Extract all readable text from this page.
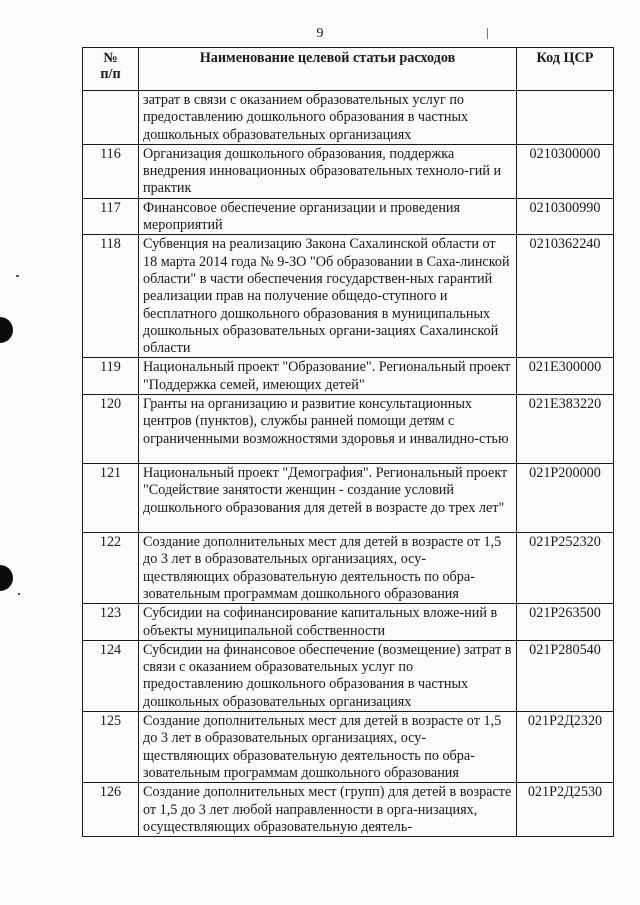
9
№
п/п	Наименование целевой статьи расходов	Код ЦСР
	затрат в связи с оказанием образовательных услуг по предоставлению дошкольного образования в частных дошкольных образовательных организациях	
116	Организация дошкольного образования, поддержка внедрения инновационных образовательных техноло-гий и практик	0210300000
117	Финансовое обеспечение организации и проведения мероприятий	0210300990
118	Субвенция на реализацию Закона Сахалинской области от 18 марта 2014 года № 9-ЗО "Об образовании в Саха-линской области" в части обеспечения государствен-ных гарантий реализации прав на получение общедо-ступного и бесплатного дошкольного образования в муниципальных дошкольных образовательных органи-зациях Сахалинской области	0210362240
119	Национальный проект "Образование". Региональный проект "Поддержка семей, имеющих детей"	021E300000
120	Гранты на организацию и развитие консультационных центров (пунктов), службы ранней помощи детям с ограниченными возможностями здоровья и инвалидно-стью	021E383220
121	Национальный проект "Демография". Региональный проект "Содействие занятости женщин - создание условий дошкольного образования для детей в возрасте до трех лет"	021P200000
122	Создание дополнительных мест для детей в возрасте от 1,5 до 3 лет в образовательных организациях, осу-ществляющих образовательную деятельность по обра-зовательным программам дошкольного образования	021P252320
123	Субсидии на софинансирование капитальных вложе-ний в объекты муниципальной собственности	021P263500
124	Субсидии на финансовое обеспечение (возмещение) затрат в связи с оказанием образовательных услуг по предоставлению дошкольного образования в частных дошкольных образовательных организациях	021P280540
125	Создание дополнительных мест для детей в возрасте от 1,5 до 3 лет в образовательных организациях, осу-ществляющих образовательную деятельность по обра-зовательным программам дошкольного образования	021P2Д2320
126	Создание дополнительных мест (групп) для детей в возрасте от 1,5 до 3 лет любой направленности в орга-низациях, осуществляющих образовательную деятель-	021P2Д2530
